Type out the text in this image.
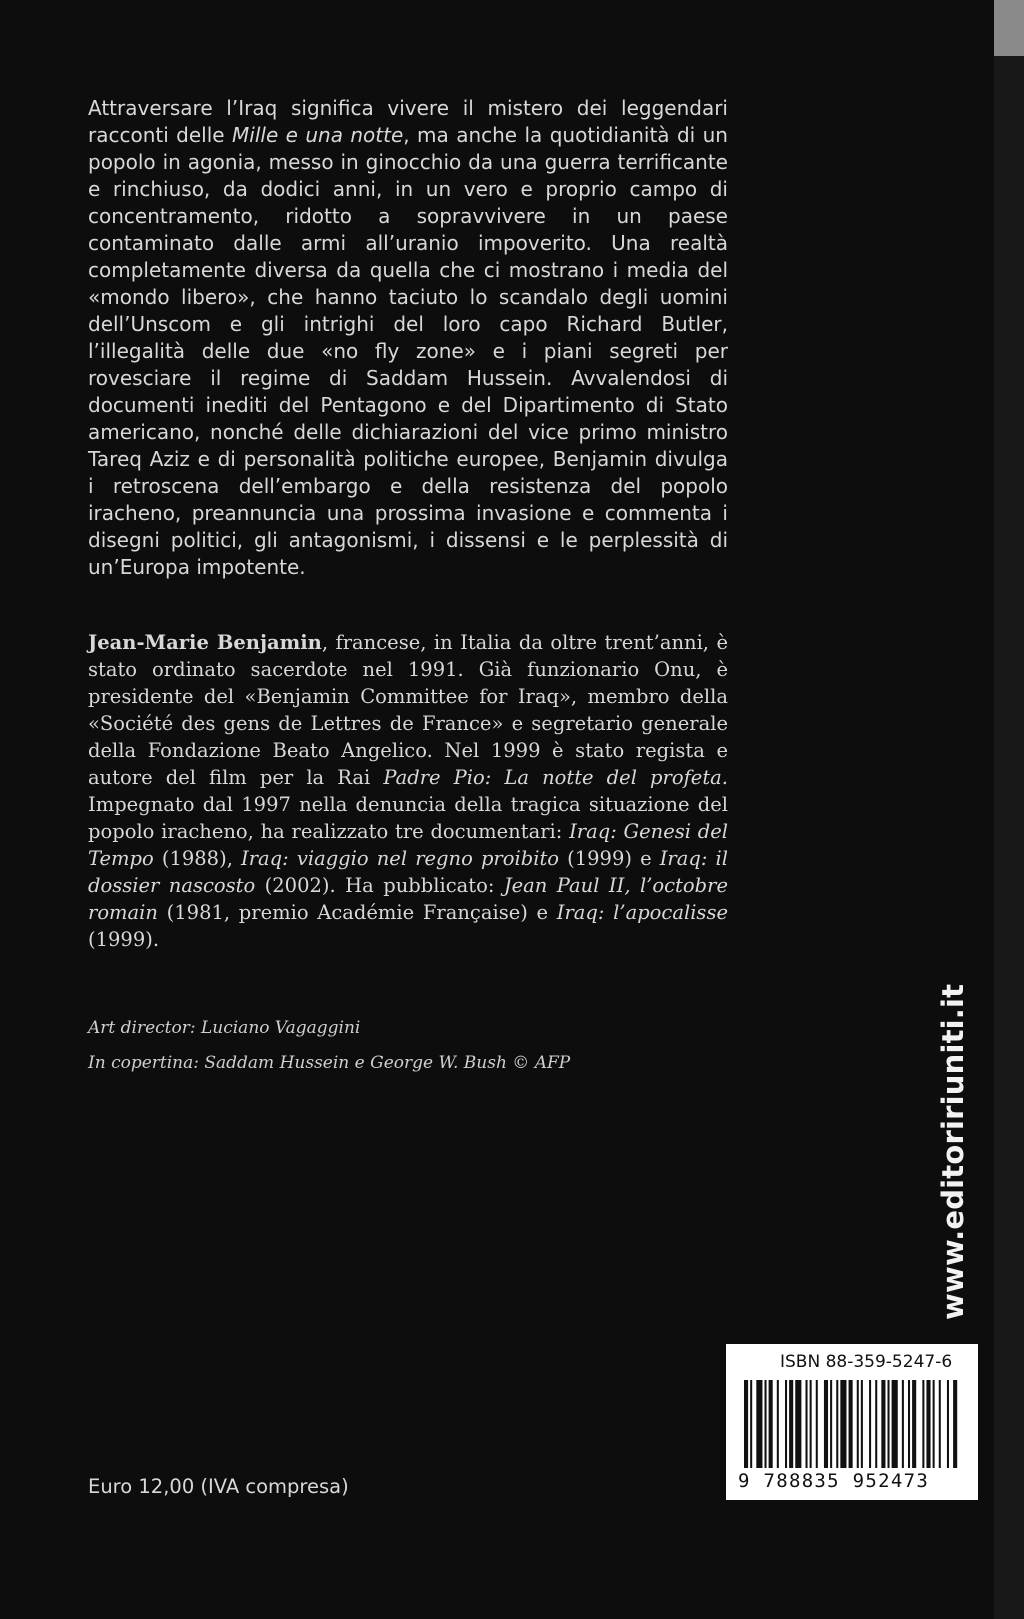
Attraversare l’Iraq significa vivere il mistero dei leggendari racconti delle Mille e una notte, ma anche la quotidianità di un popolo in agonia, messo in ginocchio da una guerra terrificante e rinchiuso, da dodici anni, in un vero e proprio campo di concentramento, ridotto a sopravvivere in un paese contaminato dalle armi all’uranio impoverito. Una realtà completamente diversa da quella che ci mostrano i media del «mondo libero», che hanno taciuto lo scandalo degli uomini dell’Unscom e gli intrighi del loro capo Richard Butler, l’illegalità delle due «no fly zone» e i piani segreti per rovesciare il regime di Saddam Hussein. Avvalendosi di documenti inediti del Pentagono e del Dipartimento di Stato americano, nonché delle dichiarazioni del vice primo ministro Tareq Aziz e di personalità politiche europee, Benjamin divulga i retroscena dell’embargo e della resistenza del popolo iracheno, preannuncia una prossima invasione e commenta i disegni politici, gli antagonismi, i dissensi e le perplessità di un’Europa impotente.

Jean-Marie Benjamin, francese, in Italia da oltre trent’anni, è stato ordinato sacerdote nel 1991. Già funzionario Onu, è presidente del «Benjamin Committee for Iraq», membro della «Société des gens de Lettres de France» e segretario generale della Fondazione Beato Angelico. Nel 1999 è stato regista e autore del film per la Rai Padre Pio: La notte del profeta. Impegnato dal 1997 nella denuncia della tragica situazione del popolo iracheno, ha realizzato tre documentari: Iraq: Genesi del Tempo (1988), Iraq: viaggio nel regno proibito (1999) e Iraq: il dossier nascosto (2002). Ha pubblicato: Jean Paul II, l’octobre romain (1981, premio Académie Française) e Iraq: l’apocalisse (1999).

Art director: Luciano Vagaggini
In copertina: Saddam Hussein e George W. Bush © AFP	www.editoririuniti.it
Euro 12,00 (IVA compresa)
ISBN 88-359-5247-6
9 788835 952473
